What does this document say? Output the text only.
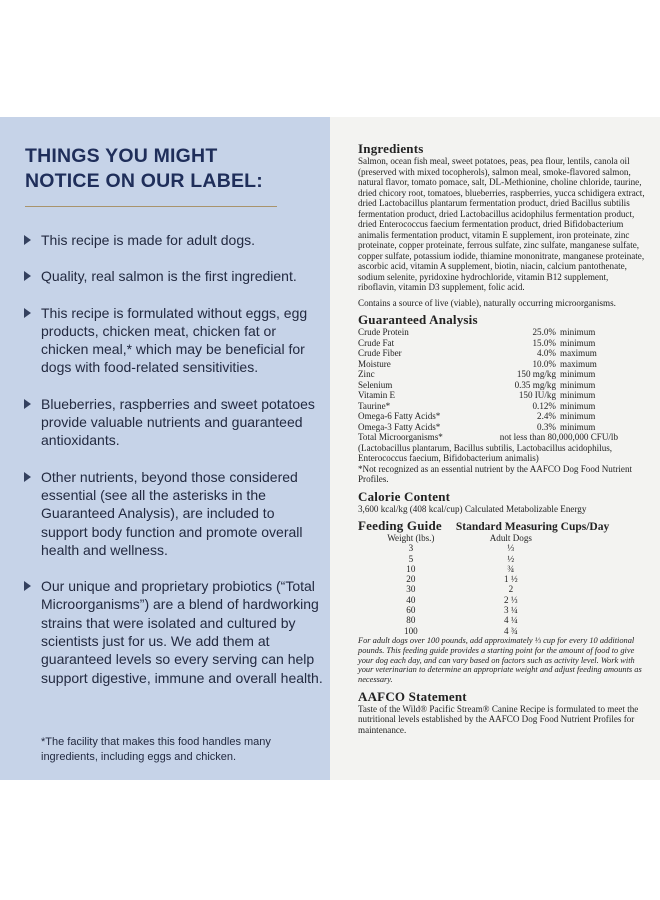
THINGS YOU MIGHT
NOTICE ON OUR LABEL:
This recipe is made for adult dogs.
Quality, real salmon is the first ingredient.
This recipe is formulated without eggs, egg products, chicken meat, chicken fat or chicken meal,* which may be beneficial for dogs with food-related sensitivities.
Blueberries, raspberries and sweet potatoes provide valuable nutrients and guaranteed antioxidants.
Other nutrients, beyond those considered essential (see all the asterisks in the Guaranteed Analysis), are included to support body function and promote overall health and wellness.
Our unique and proprietary probiotics (“Total Microorganisms”) are a blend of hardworking strains that were isolated and cultured by scientists just for us. We add them at guaranteed levels so every serving can help support digestive, immune and overall health.

*The facility that makes this food handles many ingredients, including eggs and chicken.

Ingredients

Salmon, ocean fish meal, sweet potatoes, peas, pea flour, lentils, canola oil (preserved with mixed tocopherols), salmon meal, smoke-flavored salmon, natural flavor, tomato pomace, salt, DL-Methionine, choline chloride, taurine, dried chicory root, tomatoes, blueberries, raspberries, yucca schidigera extract, dried Lactobacillus plantarum fermentation product, dried Bacillus subtilis fermentation product, dried Lactobacillus acidophilus fermentation product, dried Enterococcus faecium fermentation product, dried Bifidobacterium animalis fermentation product, vitamin E supplement, iron proteinate, zinc proteinate, copper proteinate, ferrous sulfate, zinc sulfate, manganese sulfate, copper sulfate, potassium iodide, thiamine mononitrate, manganese proteinate, ascorbic acid, vitamin A supplement, biotin, niacin, calcium pantothenate, sodium selenite, pyridoxine hydrochloride, vitamin B12 supplement, riboflavin, vitamin D3 supplement, folic acid.

Contains a source of live (viable), naturally occurring microorganisms.

Guaranteed Analysis
Crude Protein	25.0%	minimum
Crude Fat	15.0%	minimum
Crude Fiber	4.0%	maximum
Moisture	10.0%	maximum
Zinc	150 mg/kg	minimum
Selenium	0.35 mg/kg	minimum
Vitamin E	150 IU/kg	minimum
Taurine*	0.12%	minimum
Omega-6 Fatty Acids*	2.4%	minimum
Omega-3 Fatty Acids*	0.3%	minimum
Total Microorganisms*	not less than 80,000,000 CFU/lb

(Lactobacillus plantarum, Bacillus subtilis, Lactobacillus acidophilus, Enterococcus faecium, Bifidobacterium animalis)

*Not recognized as an essential nutrient by the AAFCO Dog Food Nutrient Profiles.

Calorie Content

3,600 kcal/kg (408 kcal/cup) Calculated Metabolizable Energy

Feeding Guide Standard Measuring Cups/Day
Weight (lbs.)	Adult Dogs
3	⅓
5	½
10	¾
20	1 ½
30	2
40	2 ⅓
60	3 ¼
80	4 ¼
100	4 ¾

For adult dogs over 100 pounds, add approximately ⅓ cup for every 10 additional pounds. This feeding guide provides a starting point for the amount of food to give your dog each day, and can vary based on factors such as activity level. Work with your veterinarian to determine an appropriate weight and adjust feeding amounts as necessary.

AAFCO Statement

Taste of the Wild® Pacific Stream® Canine Recipe is formulated to meet the nutritional levels established by the AAFCO Dog Food Nutrient Profiles for maintenance.
